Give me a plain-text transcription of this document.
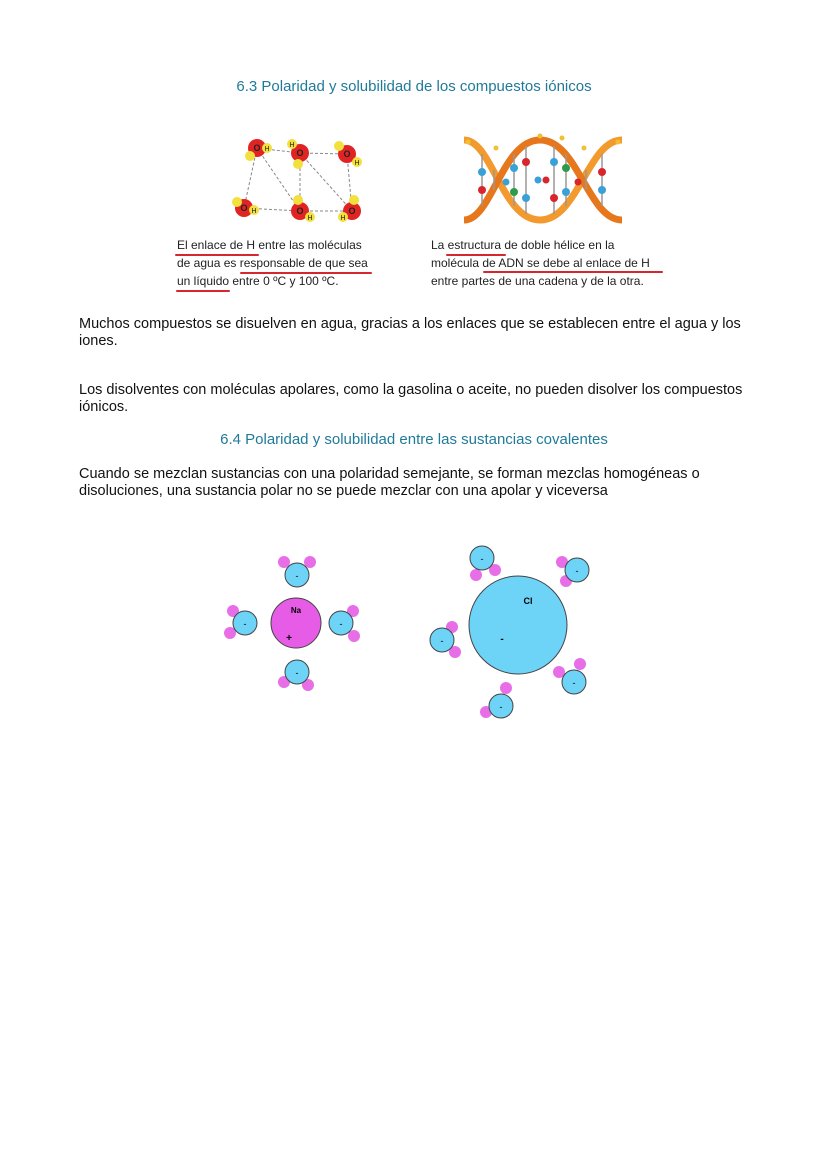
6.3 Polaridad y solubilidad de los compuestos iónicos
O	O	O
O	O	O
H
H
H
H
H	H
El enlace de H entre las moléculas
de agua es responsable de que sea
un líquido entre 0 ºC y 100 ºC.
La estructura de doble hélice en la
molécula de ADN se debe al enlace de H
entre partes de una cadena y de la otra.
Muchos compuestos se disuelven en agua, gracias a los enlaces que se establecen entre el agua y los iones.
Los disolventes con moléculas apolares, como la gasolina o aceite, no pueden disolver los compuestos iónicos.
6.4 Polaridad y solubilidad entre las sustancias covalentes
Cuando se mezclan sustancias con una polaridad semejante, se forman mezclas homogéneas o disoluciones, una sustancia polar no se puede mezclar con una apolar y viceversa
Na
+
-
-	-
-
Cl
-
-
-
-
-
-
